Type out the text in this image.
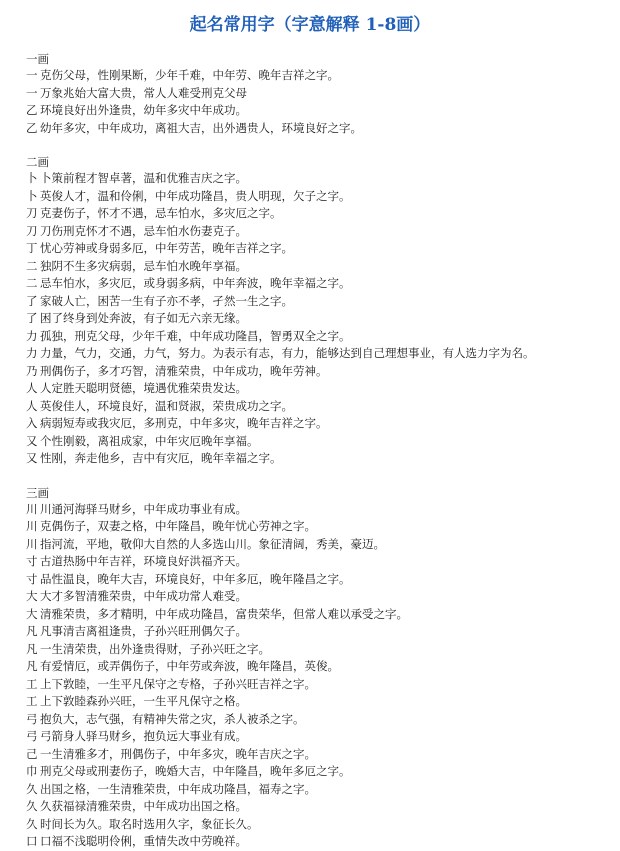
起名常用字（字意解释 1-8画）
一画
一 克伤父母，性刚果断，少年千难，中年劳、晚年吉祥之字。
一 万象兆始大富大贵，常人人难受刑克父母
乙 环境良好出外逢贵，幼年多灾中年成功。
乙 幼年多灾，中年成功，离祖大吉，出外遇贵人，环境良好之字。
二画
卜 卜策前程才智卓著，温和优雅吉庆之字。
卜 英俊人才，温和伶俐，中年成功隆昌，贵人明现，欠子之字。
刀 克妻伤子，怀才不遇，忌车怕水，多灾厄之字。
刀 刀伤刑克怀才不遇，忌车怕水伤妻克子。
丁 忧心劳神或身弱多厄，中年劳苦，晚年吉祥之字。
二 独阴不生多灾病弱，忌车怕水晚年享福。
二 忌车怕水，多灾厄，或身弱多病，中年奔波，晚年幸福之字。
了 家破人亡，困苦一生有子亦不孝，孑然一生之字。
了 困了终身到处奔波，有子如无六亲无缘。
力 孤独，刑克父母，少年千难，中年成功隆昌，智勇双全之字。
力 力量，气力，交通，力气，努力。为表示有志，有力，能够达到自己理想事业，有人选力字为名。
乃 刑偶伤子，多才巧智，清雅荣贵，中年成功，晚年劳神。
人 人定胜天聪明贤德，境遇优雅荣贵发达。
人 英俊佳人，环境良好，温和贤淑，荣贵成功之字。
入 病弱短寿或我灾厄，多刑克，中年多灾，晚年吉祥之字。
又 个性刚毅，离祖成家，中年灾厄晚年享福。
又 性刚，奔走他乡，吉中有灾厄，晚年幸福之字。
三画
川 川通河海驿马财乡，中年成功事业有成。
川 克偶伤子，双妻之格，中年隆昌，晚年忧心劳神之字。
川 指河流，平地，敬仰大自然的人多选山川。象征清阔，秀美，豪迈。
寸 古道热肠中年吉祥，环境良好洪福齐天。
寸 品性温良，晚年大吉，环境良好，中年多厄，晚年隆昌之字。
大 大才多智清雅荣贵，中年成功常人难受。
大 清雅荣贵，多才精明，中年成功隆昌，富贵荣华，但常人难以承受之字。
凡 凡事清吉离祖逢贵，子孙兴旺刑偶欠子。
凡 一生清荣贵，出外逢贵得财，子孙兴旺之字。
凡 有爱情厄，或弄偶伤子，中年劳或奔波，晚年隆昌，英俊。
工 上下敦睦，一生平凡保守之专格，子孙兴旺吉祥之字。
工 上下敦睦森孙兴旺，一生平凡保守之格。
弓 抱负大，志气强，有精神失常之灾，杀人被杀之字。
弓 弓箭身人驿马财乡，抱负远大事业有成。
己 一生清雅多才，刑偶伤子，中年多灾，晚年吉庆之字。
巾 刑克父母或刑妻伤子，晚婚大吉，中年隆昌，晚年多厄之字。
久 出国之格，一生清雅荣贵，中年成功隆昌，福寿之字。
久 久获福禄清雅荣贵，中年成功出国之格。
久 时间长为久。取名时选用久字，象征长久。
口 口福不浅聪明伶俐，重情失改中劳晚祥。
